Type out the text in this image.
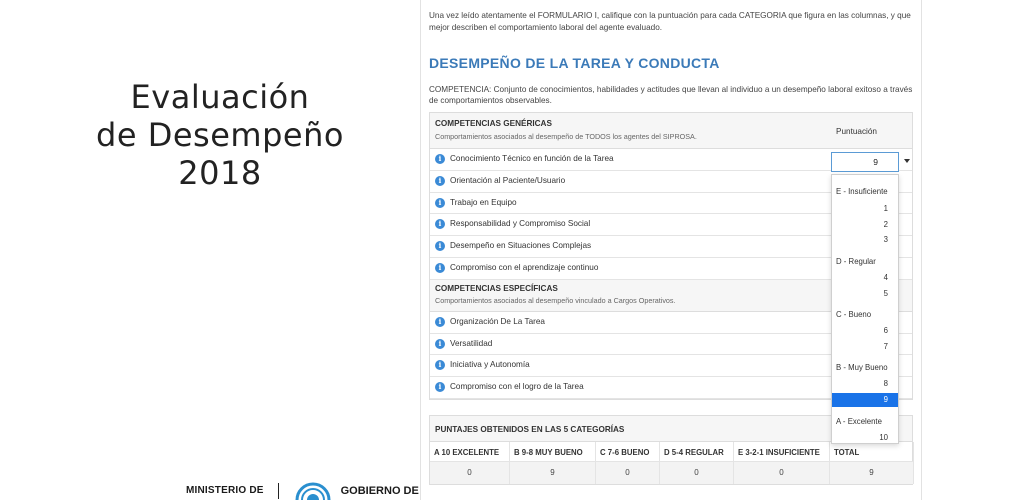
Evaluación
de Desempeño
2018
MINISTERIO DE	GOBIERNO DE
Una vez leído atentamente el FORMULARIO I, califique con la puntuación para cada CATEGORIA que figura en las columnas, y que mejor describen el comportamiento laboral del agente evaluado.
DESEMPEÑO DE LA TAREA Y CONDUCTA
COMPETENCIA: Conjunto de conocimientos, habilidades y actitudes que llevan al individuo a un desempeño laboral exitoso a través de comportamientos observables.
COMPETENCIAS GENÉRICAS
Comportamientos asociados al desempeño de TODOS los agentes del SIPROSA.
Puntuación
i	Conocimiento Técnico en función de la Tarea
i	Orientación al Paciente/Usuario
i	Trabajo en Equipo
i	Responsabilidad y Compromiso Social
i	Desempeño en Situaciones Complejas
i	Compromiso con el aprendizaje continuo
COMPETENCIAS ESPECÍFICAS
Comportamientos asociados al desempeño vinculado a Cargos Operativos.
i	Organización De La Tarea
i	Versatilidad
i	Iniciativa y Autonomía
i	Compromiso con el logro de la Tarea
PUNTAJES OBTENIDOS EN LAS 5 CATEGORÍAS
A 10 EXCELENTE	B 9-8 MUY BUENO	C 7-6 BUENO	D 5-4 REGULAR	E 3-2-1 INSUFICIENTE	TOTAL
0	9	0	0	0	9
9
E - Insuficiente
1
2
3
D - Regular
4
5
C - Bueno
6
7
B - Muy Bueno
8
9
A - Excelente
10
